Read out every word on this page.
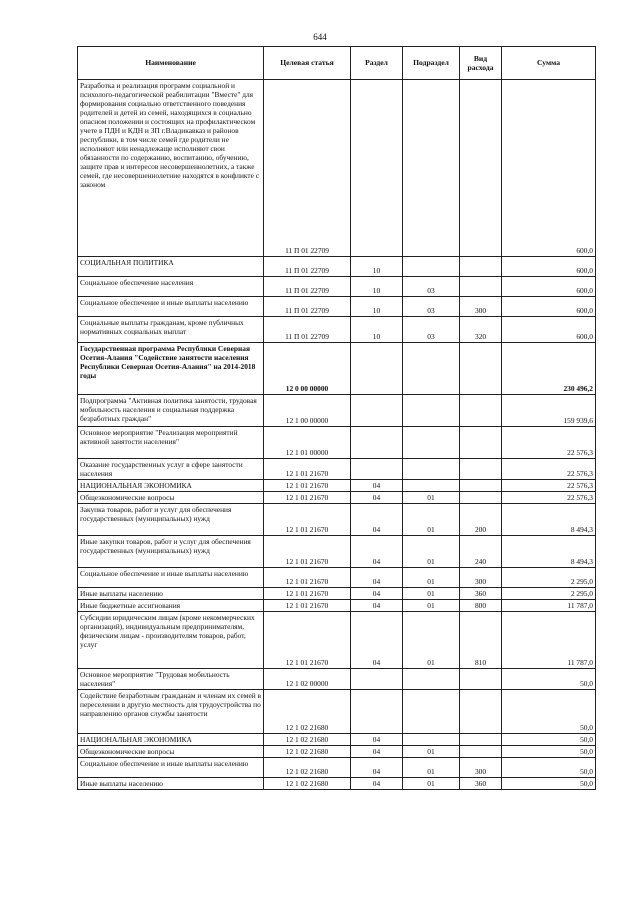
644
Наименование	Целевая статья	Раздел	Подраздел	Вид расхода	Сумма
Разработка и реализация программ социальной и психолого-педагогической реабилитации "Вместе" для формирования социально ответственного поведения родителей и детей из семей, находящихся в социально опасном положении и состоящих на профилактическом учете в ПДН и КДН и ЗП г.Владикавказ и районов республики, в том числе семей где родители не исполняют или ненадлежаще исполняют свои обязанности по содержанию, воспитанию, обучению, защите прав и интересов несовершеннолетних, а также семей, где несовершеннолетние находятся в конфликте с законом	11 Π 01 22709				600,0
СОЦИАЛЬНАЯ ПОЛИТИКА	11 Π 01 22709	10			600,0
Социальное обеспечение населения	11 Π 01 22709	10	03		600,0
Социальное обеспечение и иные выплаты населению	11 Π 01 22709	10	03	300	600,0
Социальные выплаты гражданам, кроме публичных нормативных социальных выплат	11 Π 01 22709	10	03	320	600,0
Государственная программа Республики Северная Осетия-Алания "Содействие занятости населения Республики Северная Осетия-Алания" на 2014-2018 годы	12 0 00 00000				230 496,2
Подпрограмма "Активная политика занятости, трудовая мобильность населения и социальная поддержка безработных граждан"	12 1 00 00000				159 939,6
Основное мероприятие "Реализация мероприятий активной занятости населения"	12 1 01 00000				22 576,3
Оказание государственных услуг в сфере занятости населения	12 1 01 21670				22 576,3
НАЦИОНАЛЬНАЯ ЭКОНОМИКА	12 1 01 21670	04			22 576,3
Общеэкономические вопросы	12 1 01 21670	04	01		22 576,3
Закупка товаров, работ и услуг для обеспечения государственных (муниципальных) нужд	12 1 01 21670	04	01	200	8 494,3
Иные закупки товаров, работ и услуг для обеспечения государственных (муниципальных) нужд	12 1 01 21670	04	01	240	8 494,3
Социальное обеспечение и иные выплаты населению	12 1 01 21670	04	01	300	2 295,0
Иные выплаты населению	12 1 01 21670	04	01	360	2 295,0
Иные бюджетные ассигнования	12 1 01 21670	04	01	800	11 787,0
Субсидии юридическим лицам (кроме некоммерческих организаций), индивидуальным предпринимателям, физическим лицам - производителям товаров, работ, услуг	12 1 01 21670	04	01	810	11 787,0
Основное мероприятие "Трудовая мобильность населения"	12 1 02 00000				50,0
Содействие безработным гражданам и членам их семей в переселении в другую местность для трудоустройства по направлению органов службы занятости	12 1 02 21680				50,0
НАЦИОНАЛЬНАЯ ЭКОНОМИКА	12 1 02 21680	04			50,0
Общеэкономические вопросы	12 1 02 21680	04	01		50,0
Социальное обеспечение и иные выплаты населению	12 1 02 21680	04	01	300	50,0
Иные выплаты населению	12 1 02 21680	04	01	360	50,0
